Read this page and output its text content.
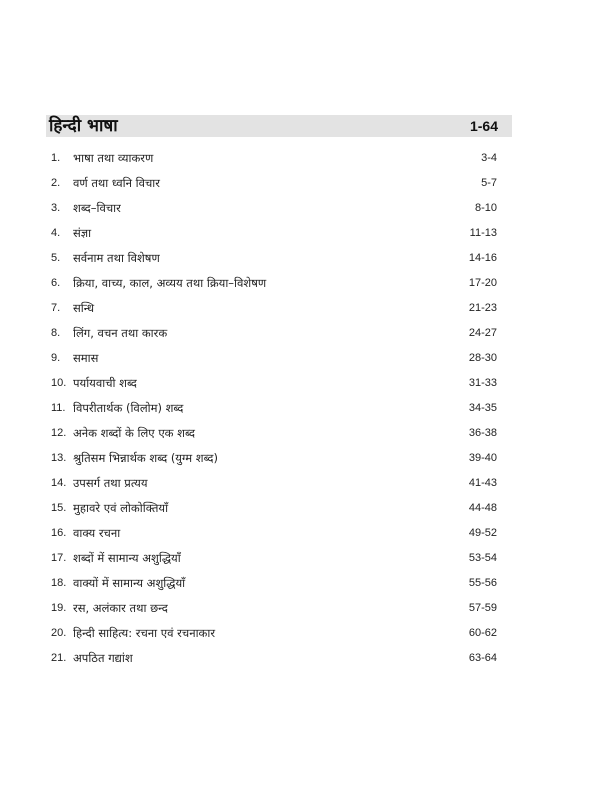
हिन्दी भाषा	1-64
1.	भाषा तथा व्याकरण	3-4
2.	वर्ण तथा ध्वनि विचार	5-7
3.	शब्द–विचार	8-10
4.	संज्ञा	11-13
5.	सर्वनाम तथा विशेषण	14-16
6.	क्रिया, वाच्य, काल, अव्यय तथा क्रिया–विशेषण	17-20
7.	सन्धि	21-23
8.	लिंग, वचन तथा कारक	24-27
9.	समास	28-30
10. पर्यायवाची शब्द	31-33
11. विपरीतार्थक (विलोम) शब्द	34-35
12. अनेक शब्दों के लिए एक शब्द	36-38
13. श्रुतिसम भिन्नार्थक शब्द (युग्म शब्द)	39-40
14. उपसर्ग तथा प्रत्यय	41-43
15. मुहावरे एवं लोकोक्तियाँ	44-48
16. वाक्य रचना	49-52
17. शब्दों में सामान्य अशुद्धियाँ	53-54
18. वाक्यों में सामान्य अशुद्धियाँ	55-56
19. रस, अलंकार तथा छन्द	57-59
20. हिन्दी साहित्य: रचना एवं रचनाकार	60-62
21. अपठित गद्यांश	63-64
